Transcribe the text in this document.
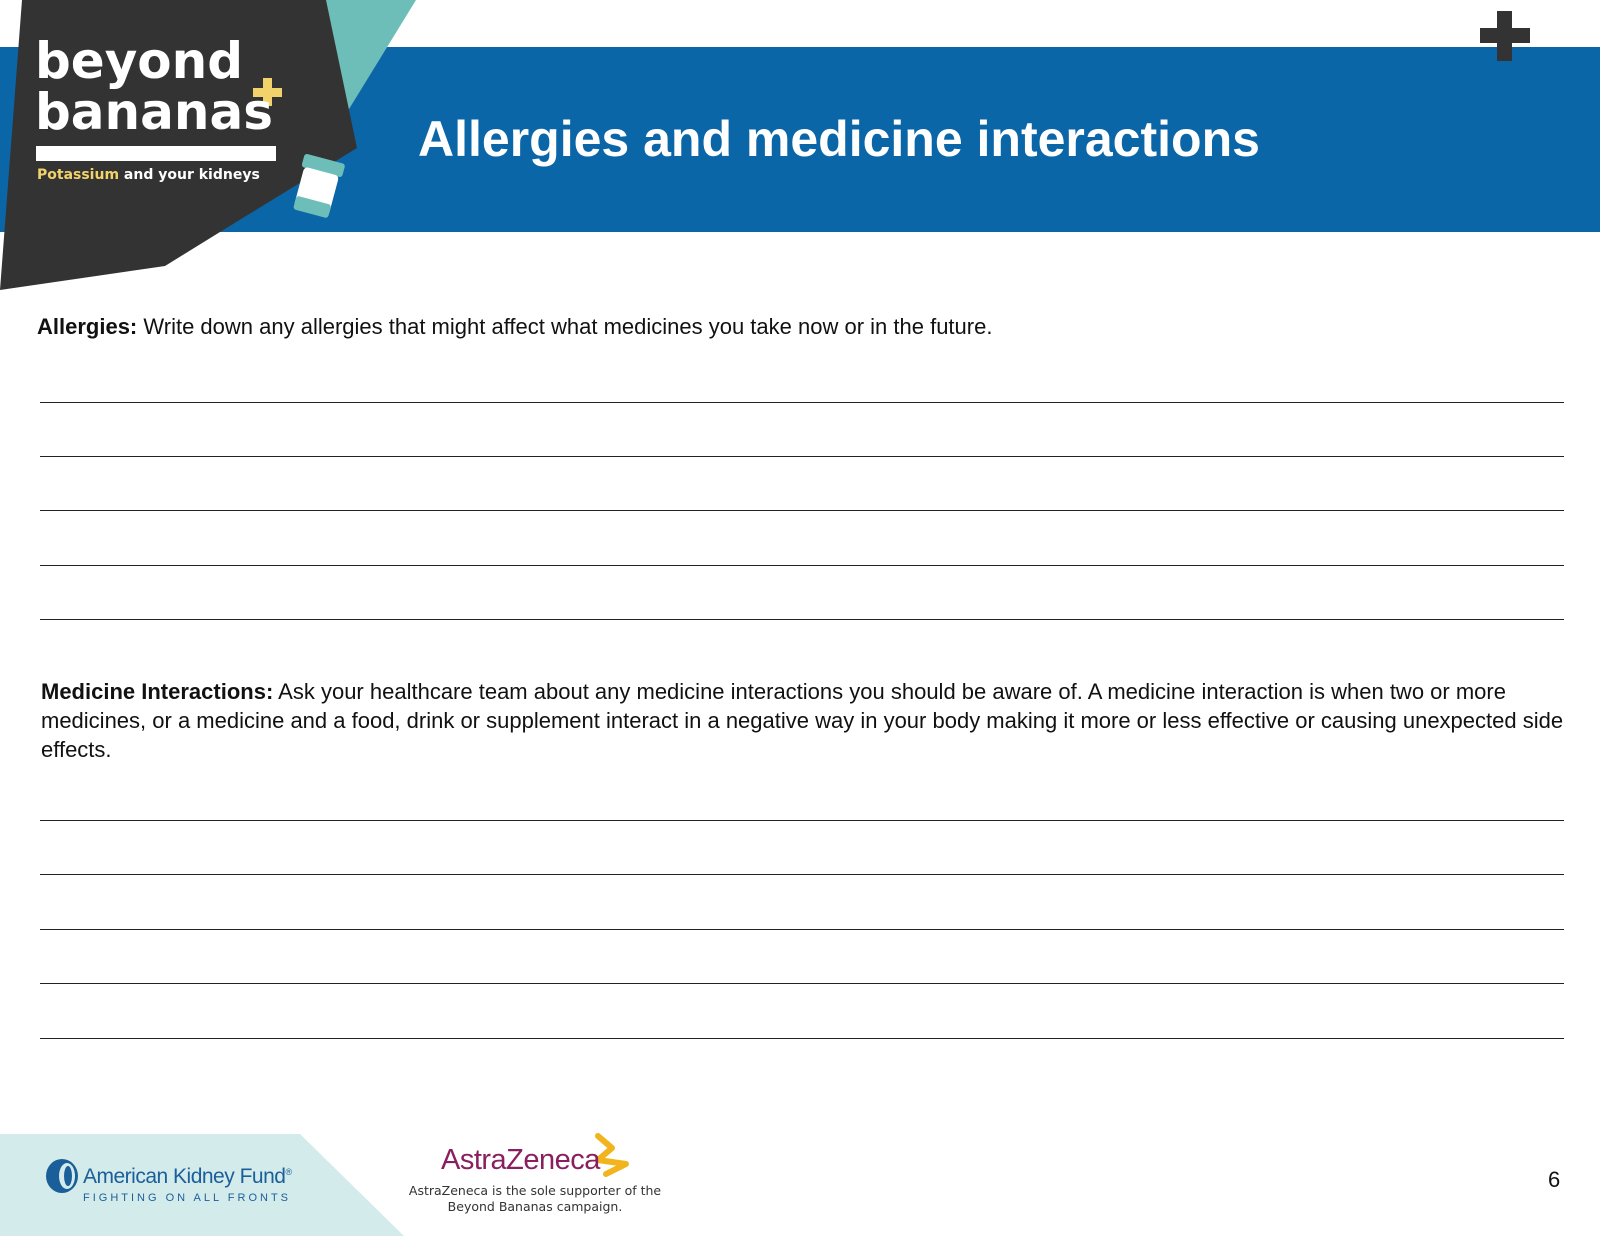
beyond
bananas
Potassium and your kidneys
Allergies and medicine interactions
Allergies: Write down any allergies that might affect what medicines you take now or in the future.
Medicine Interactions: Ask your healthcare team about any medicine interactions you should be aware of. A medicine interaction is when two or more medicines, or a medicine and a food, drink or supplement interact in a negative way in your body making it more or less effective or causing unexpected side effects.
American Kidney Fund®
FIGHTING ON ALL FRONTS
AstraZeneca
AstraZeneca is the sole supporter of the
Beyond Bananas campaign.
6
